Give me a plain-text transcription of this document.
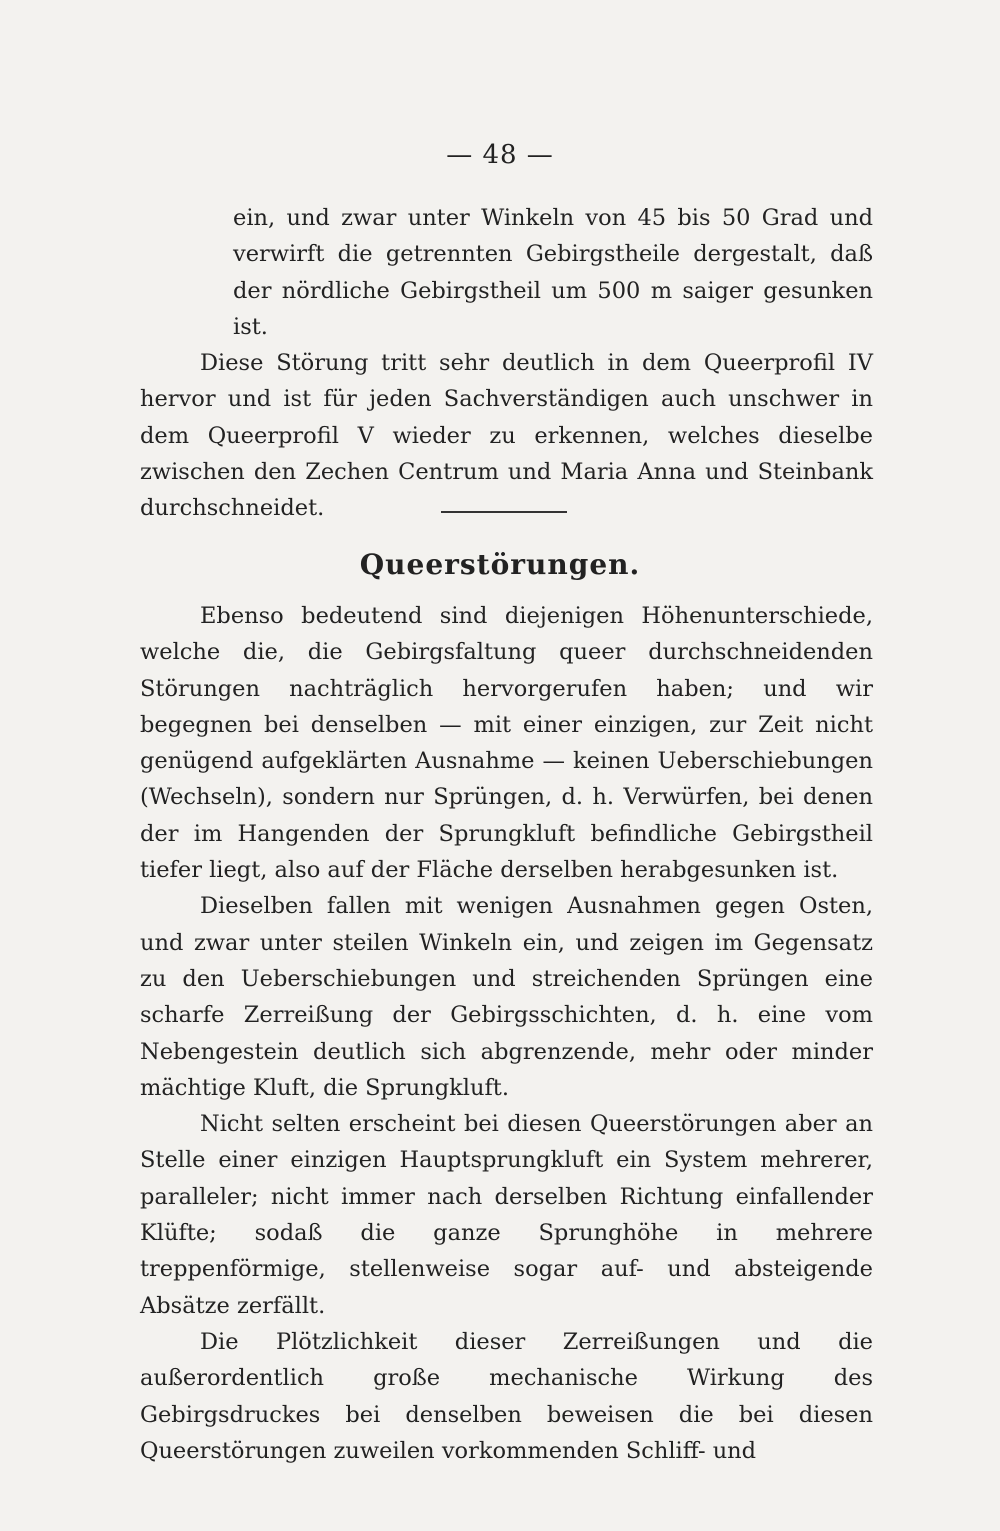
— 48 —

ein, und zwar unter Winkeln von 45 bis 50 Grad und verwirft die getrennten Gebirgstheile dergestalt, daß der nördliche Gebirgstheil um 500 m saiger gesunken ist.

Diese Störung tritt sehr deutlich in dem Queerprofil IV hervor und ist für jeden Sachverständigen auch unschwer in dem Queerprofil V wieder zu erkennen, welches dieselbe zwischen den Zechen Centrum und Maria Anna und Steinbank durchschneidet.

Queerstörungen.

Ebenso bedeutend sind diejenigen Höhenunterschiede, welche die, die Gebirgsfaltung queer durchschneidenden Störungen nachträglich hervorgerufen haben; und wir begegnen bei denselben — mit einer einzigen, zur Zeit nicht genügend aufgeklärten Ausnahme — keinen Ueberschiebungen (Wechseln), sondern nur Sprüngen, d. h. Verwürfen, bei denen der im Hangenden der Sprungkluft befindliche Gebirgstheil tiefer liegt, also auf der Fläche derselben herabgesunken ist.

Dieselben fallen mit wenigen Ausnahmen gegen Osten, und zwar unter steilen Winkeln ein, und zeigen im Gegensatz zu den Ueberschiebungen und streichenden Sprüngen eine scharfe Zerreißung der Gebirgsschichten, d. h. eine vom Nebengestein deutlich sich abgrenzende, mehr oder minder mächtige Kluft, die Sprungkluft.

Nicht selten erscheint bei diesen Queerstörungen aber an Stelle einer einzigen Hauptsprungkluft ein System mehrerer, paralleler; nicht immer nach derselben Richtung einfallender Klüfte; sodaß die ganze Sprunghöhe in mehrere treppenförmige, stellenweise sogar auf- und absteigende Absätze zerfällt.

Die Plötzlichkeit dieser Zerreißungen und die außerordentlich große mechanische Wirkung des Gebirgsdruckes bei denselben beweisen die bei diesen Queerstörungen zuweilen vorkommenden Schliff- und
